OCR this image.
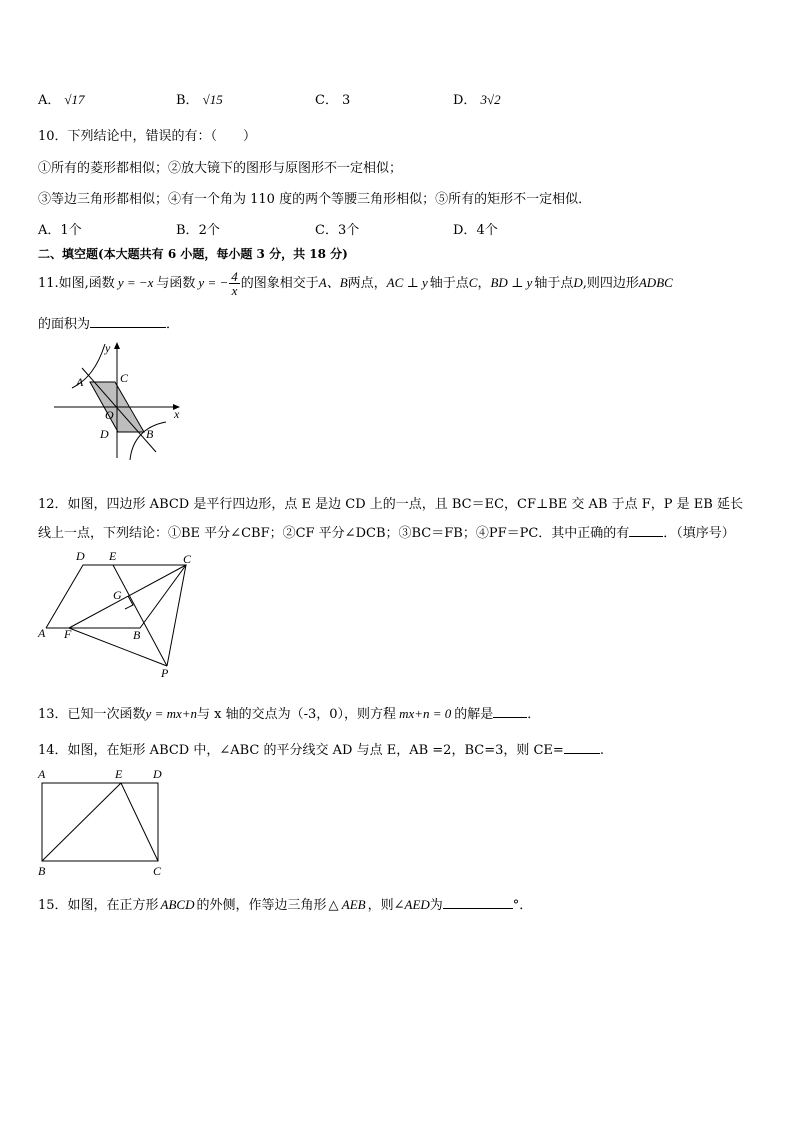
A． √17	B． √15	C． 3	D． 3√2
10．下列结论中，错误的有：（　　）
①所有的菱形都相似；②放大镜下的图形与原图形不一定相似；
③等边三角形都相似；④有一个角为 110 度的两个等腰三角形相似；⑤所有的矩形不一定相似．
A．1个	B．2个	C．3个	D．4个
二、填空题(本大题共有 6 小题，每小题 3 分，共 18 分)
11.如图,函数 y = −x 与函数 y = − $\frac{4}{x}$ 的图象相交于A、B两点，AC ⊥ y 轴于点C，BD ⊥ y 轴于点D,则四边形ADBC
的面积为	．
y
x
A	C
O
D	B
12．如图，四边形 ABCD 是平行四边形，点 E 是边 CD 上的一点，且 BC＝EC，CF⊥BE 交 AB 于点 F，P 是 EB 延长
线上一点，下列结论：①BE 平分∠CBF；②CF 平分∠DCB；③BC＝FB；④PF＝PC．其中正确的有	．（填序号）
D E	C
G
A F	B
P
13．已知一次函数y = mx+n与 x 轴的交点为（-3，0），则方程 mx+n = 0 的解是	．
14．如图，在矩形 ABCD 中，∠ABC 的平分线交 AD 与点 E，AB =2，BC=3，则 CE=	.
A	E	D
B	C
15．如图，在正方形 ABCD 的外侧，作等边三角形 △ AEB ，则∠AED为	°．
